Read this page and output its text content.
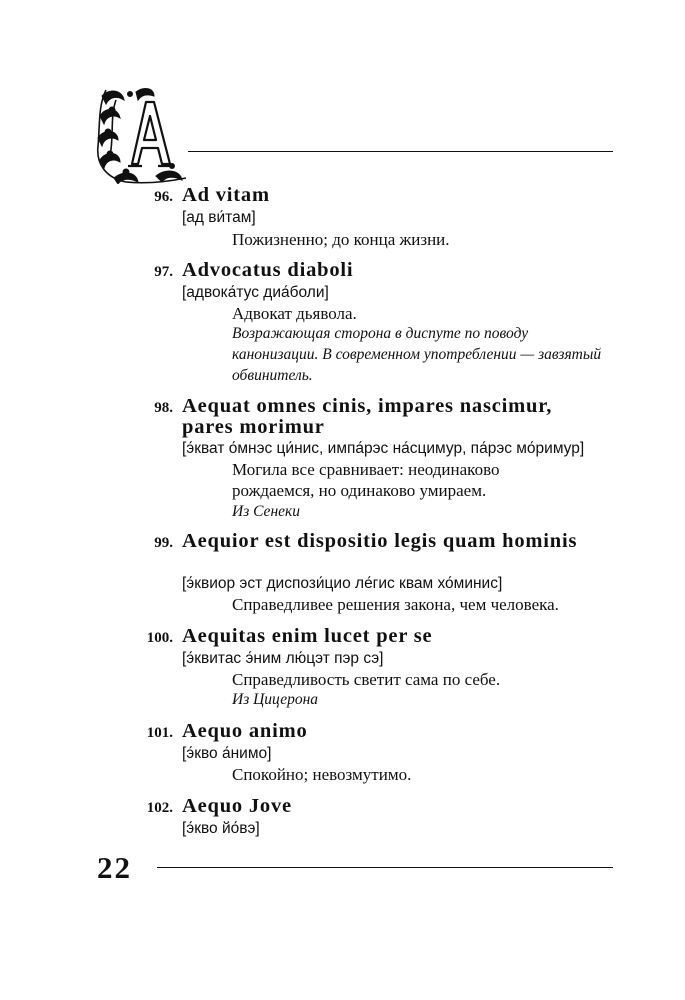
96. Ad vitam
[ад ви́там]
Пожизненно; до конца жизни.
97. Advocatus diaboli
[адвока́тус диа́боли]
Адвокат дьявола.
Возражающая сторона в диспуте по поводу канонизации. В современном употреблении — завзятый обвинитель.
98. Aequat omnes cinis, impares nascimur, pares morimur
[э́кват о́мнэс ци́нис, импа́рэс на́сцимур, па́рэс мо́римур]
Могила все сравнивает: неодинаково рождаемся, но одинаково умираем.
Из Сенеки
99. Aequior est dispositio legis quam hominis
[э́квиор эст диспози́цио ле́гис квам хо́минис]
Справедливее решения закона, чем человека.
100. Aequitas enim lucet per se
[э́квитас э́ним лю́цэт пэр сэ]
Справедливость светит сама по себе.
Из Цицерона
101. Aequo animo
[э́кво а́нимо]
Спокойно; невозмутимо.
102. Aequo Jove
[э́кво йо́вэ]
22
